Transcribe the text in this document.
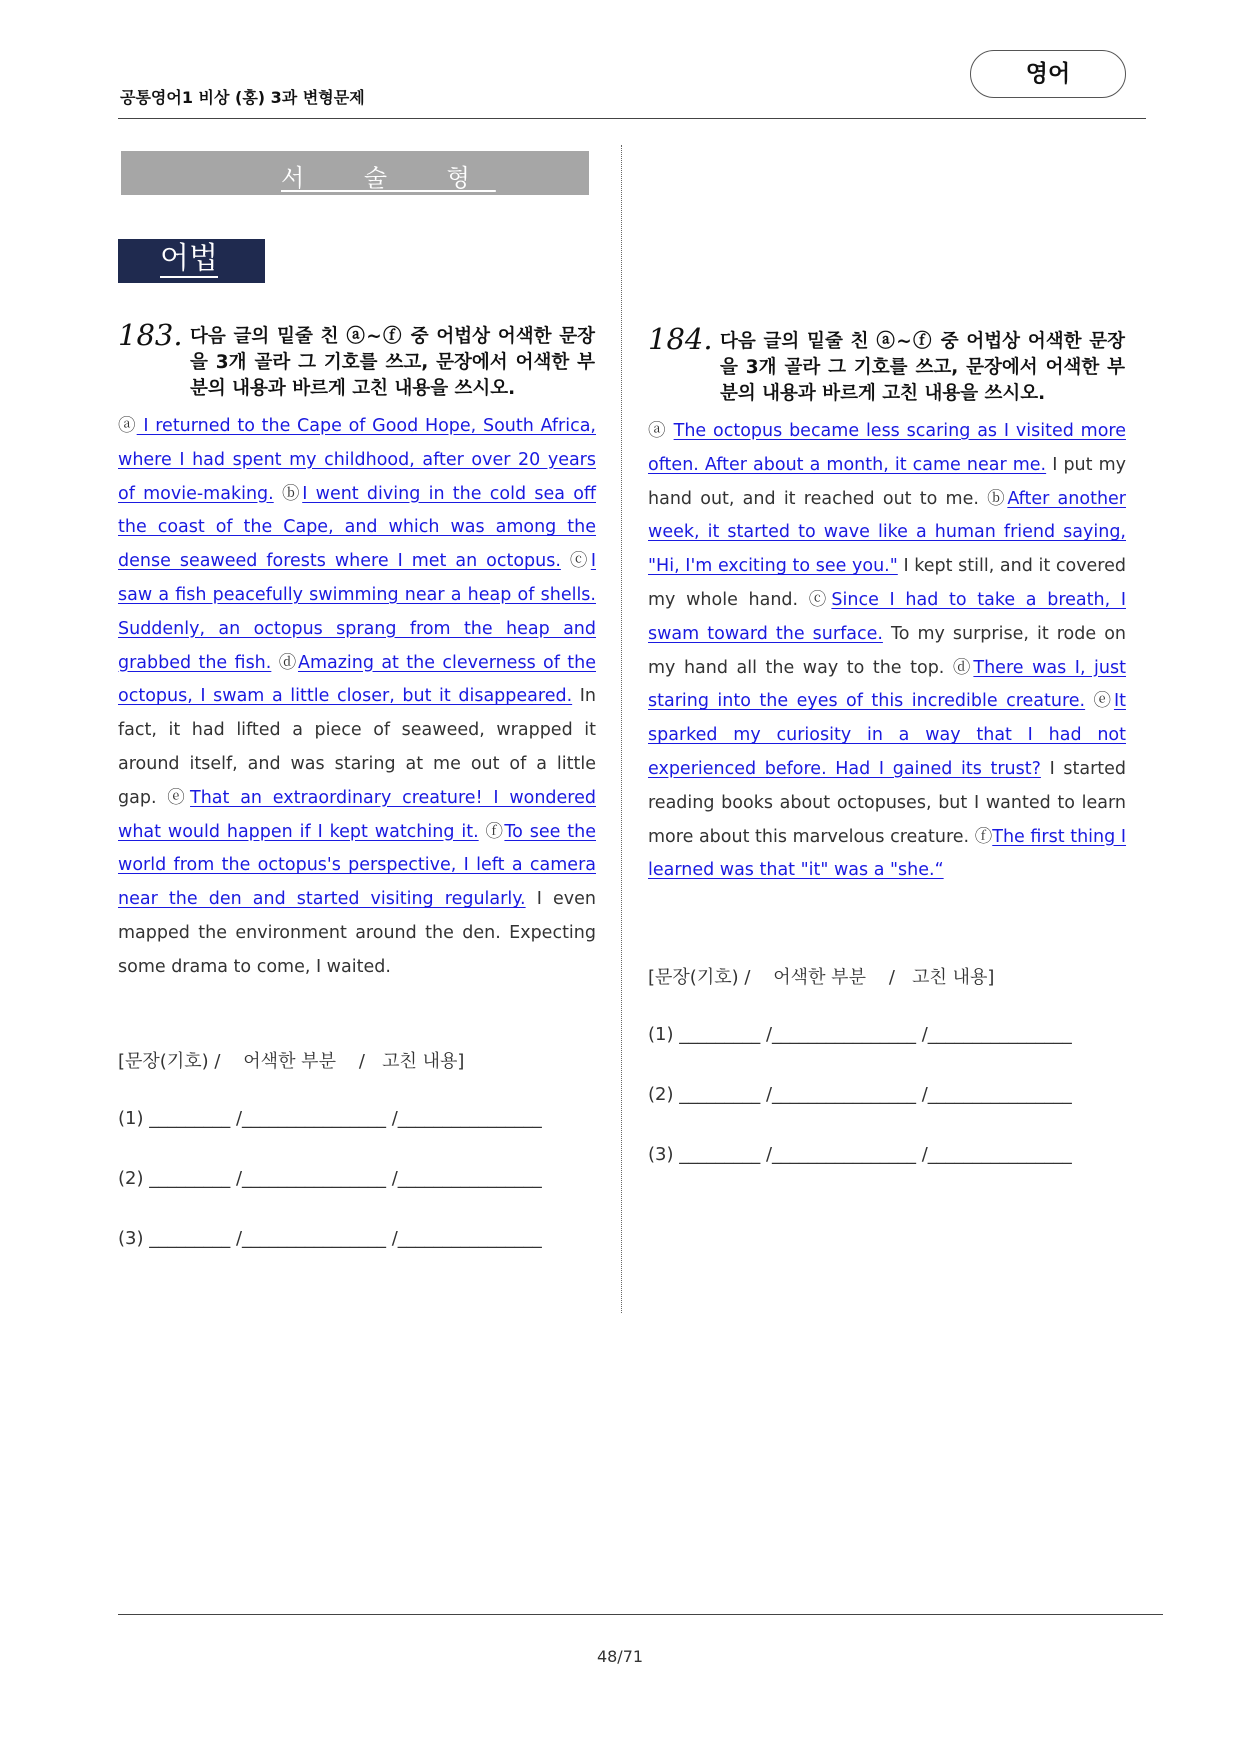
공통영어1 비상 (홍) 3과 변형문제
영어
서 술 형
어법
183. 다음 글의 밑줄 친 ⓐ~ⓕ 중 어법상 어색한 문장을 3개 골라 그 기호를 쓰고, 문장에서 어색한 부분의 내용과 바르게 고친 내용을 쓰시오.

ⓐ I returned to the Cape of Good Hope, South Africa, where I had spent my childhood, after over 20 years of movie-making. ⓑI went diving in the cold sea off the coast of the Cape, and which was among the dense seaweed forests where I met an octopus. ⓒI saw a fish peacefully swimming near a heap of shells. Suddenly, an octopus sprang from the heap and grabbed the fish. ⓓAmazing at the cleverness of the octopus, I swam a little closer, but it disappeared. In fact, it had lifted a piece of seaweed, wrapped it around itself, and was staring at me out of a little gap. ⓔThat an extraordinary creature! I wondered what would happen if I kept watching it. ⓕTo see the world from the octopus's perspective, I left a camera near the den and started visiting regularly. I even mapped the environment around the den. Expecting some drama to come, I waited.

[문장(기호) /    어색한 부분    /   고친 내용]
(1) _________ /________________ /________________
(2) _________ /________________ /________________
(3) _________ /________________ /________________
184. 다음 글의 밑줄 친 ⓐ~ⓕ 중 어법상 어색한 문장을 3개 골라 그 기호를 쓰고, 문장에서 어색한 부분의 내용과 바르게 고친 내용을 쓰시오.

ⓐ The octopus became less scaring as I visited more often. After about a month, it came near me. I put my hand out, and it reached out to me. ⓑAfter another week, it started to wave like a human friend saying, "Hi, I'm exciting to see you." I kept still, and it covered my whole hand. ⓒSince I had to take a breath, I swam toward the surface. To my surprise, it rode on my hand all the way to the top. ⓓThere was I, just staring into the eyes of this incredible creature. ⓔIt sparked my curiosity in a way that I had not experienced before. Had I gained its trust? I started reading books about octopuses, but I wanted to learn more about this marvelous creature. ⓕThe first thing I learned was that "it" was a "she.“

[문장(기호) /    어색한 부분    /   고친 내용]
(1) _________ /________________ /________________
(2) _________ /________________ /________________
(3) _________ /________________ /________________
48/71
